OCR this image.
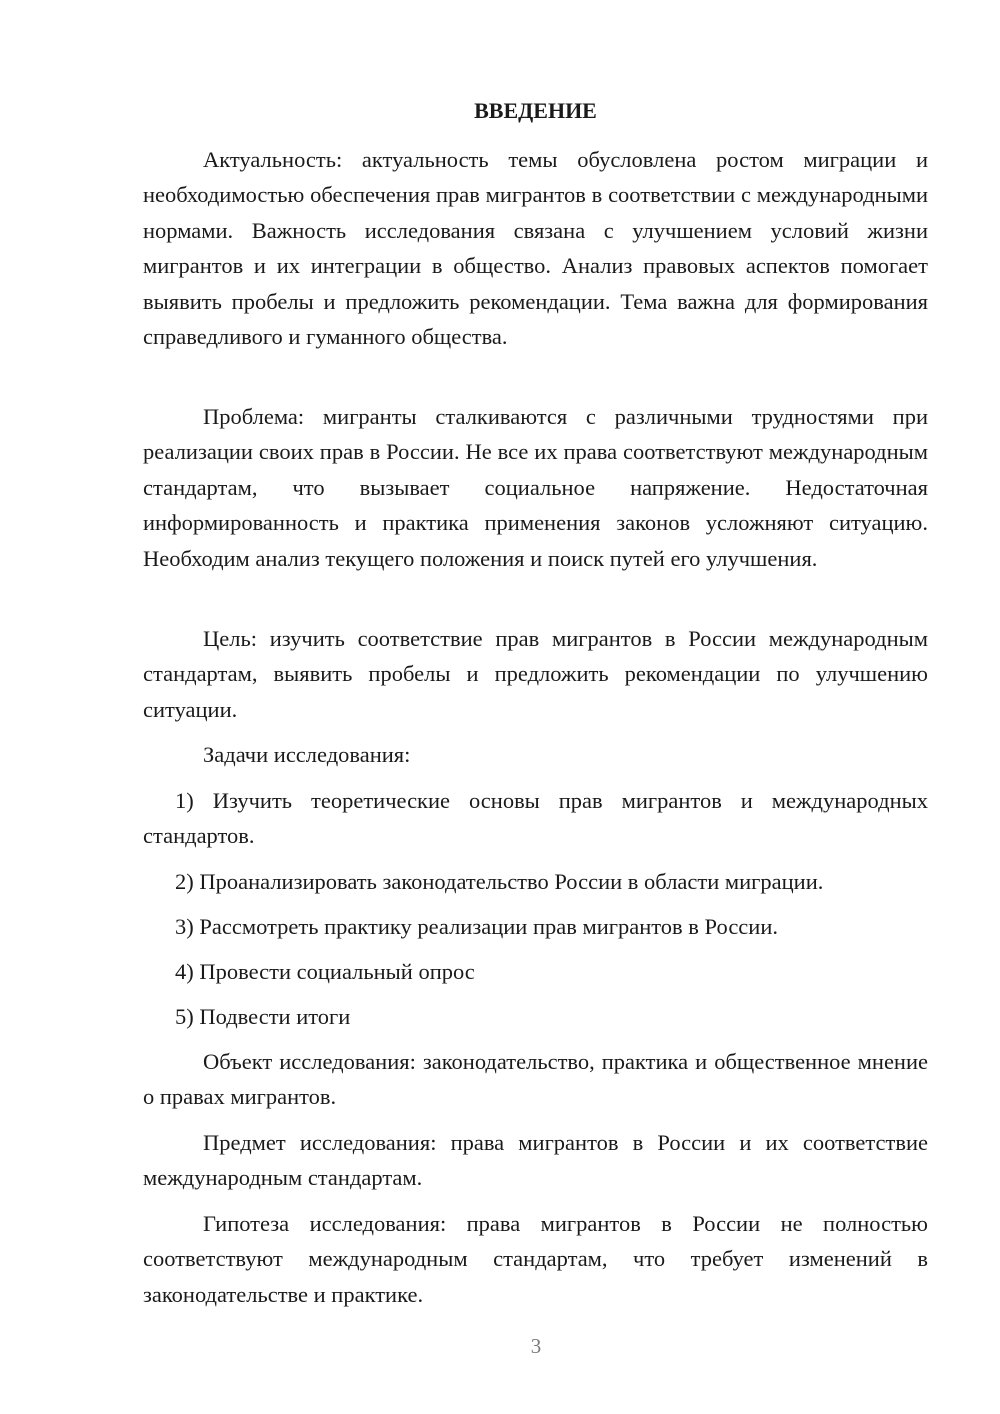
ВВЕДЕНИЕ

Актуальность: актуальность темы обусловлена ростом миграции и необходимостью обеспечения прав мигрантов в соответствии с международными нормами. Важность исследования связана с улучшением условий жизни мигрантов и их интеграции в общество. Анализ правовых аспектов помогает выявить пробелы и предложить рекомендации. Тема важна для формирования справедливого и гуманного общества.

Проблема: мигранты сталкиваются с различными трудностями при реализации своих прав в России. Не все их права соответствуют международным стандартам, что вызывает социальное напряжение. Недостаточная информированность и практика применения законов усложняют ситуацию. Необходим анализ текущего положения и поиск путей его улучшения.

Цель: изучить соответствие прав мигрантов в России международным стандартам, выявить пробелы и предложить рекомендации по улучшению ситуации.

Задачи исследования:

1) Изучить теоретические основы прав мигрантов и международных стандартов.

2) Проанализировать законодательство России в области миграции.

3) Рассмотреть практику реализации прав мигрантов в России.

4) Провести социальный опрос

5) Подвести итоги

Объект исследования: законодательство, практика и общественное мнение о правах мигрантов.

Предмет исследования: права мигрантов в России и их соответствие международным стандартам.

Гипотеза исследования: права мигрантов в России не полностью соответствуют международным стандартам, что требует изменений в законодательстве и практике.

3
